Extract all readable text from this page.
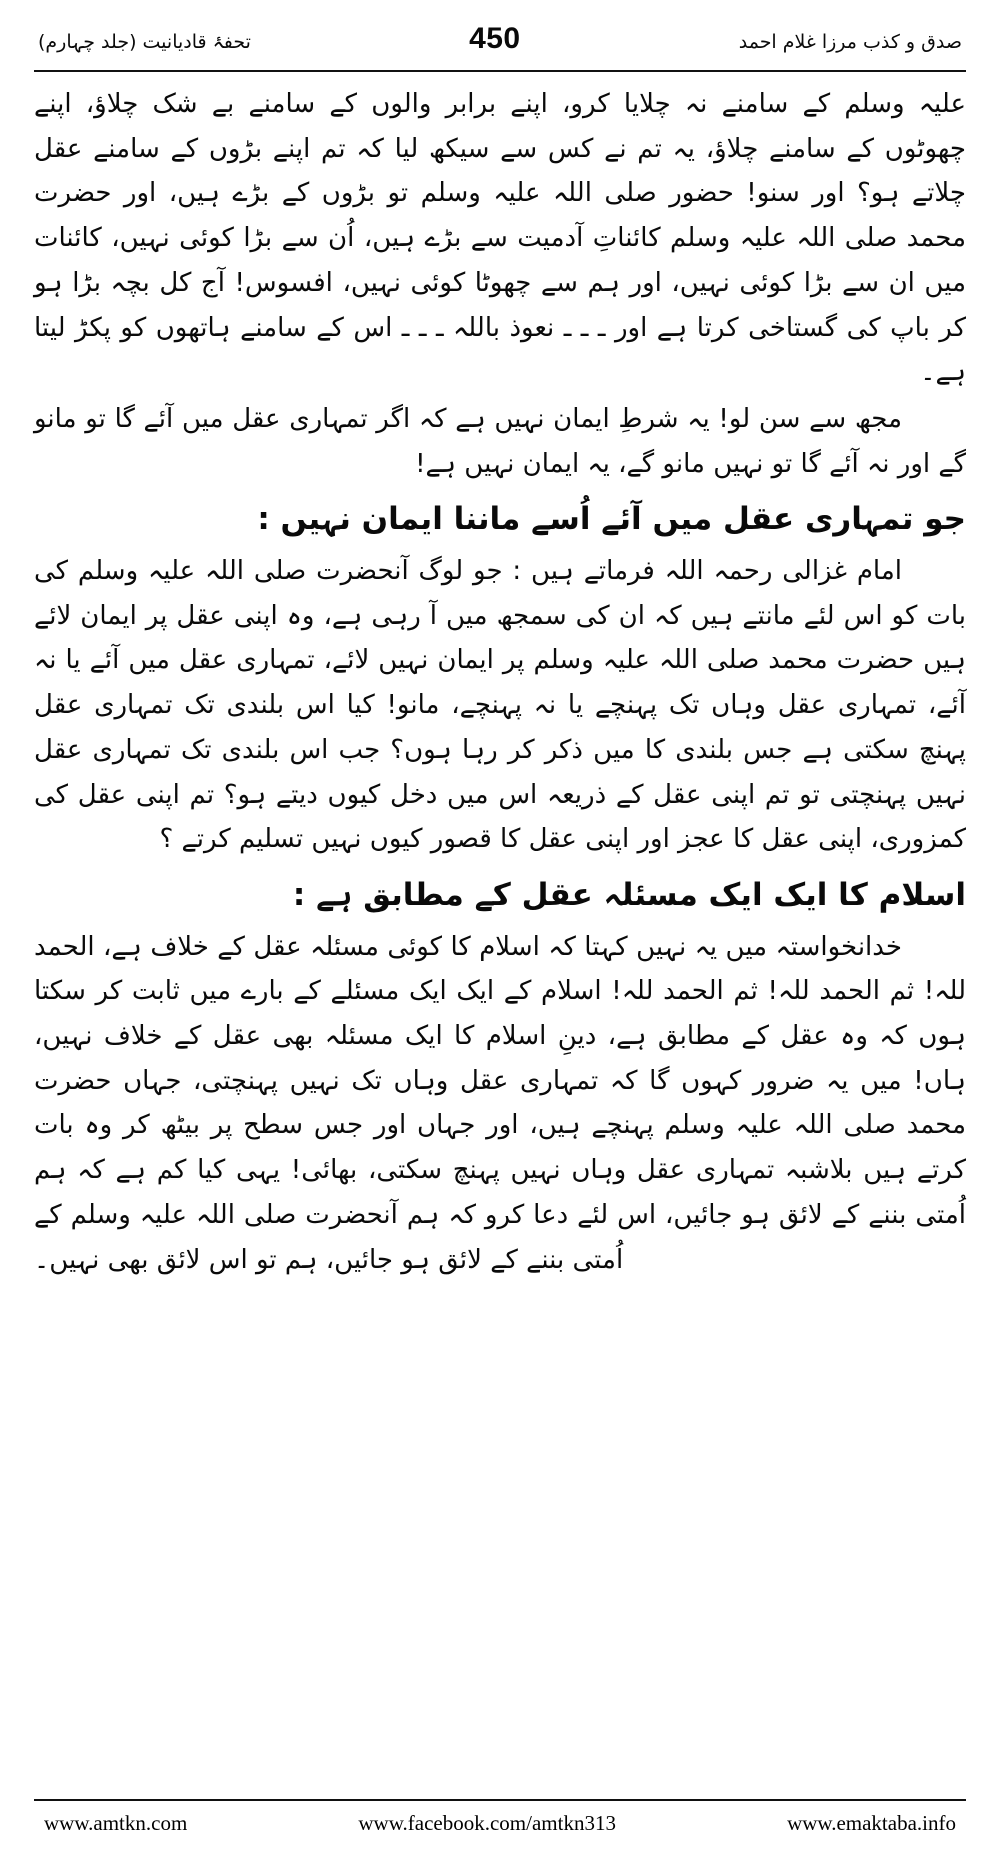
تحفۂ قادیانیت (جلد چہارم)	450	صدق و کذب مرزا غلام احمد

علیہ وسلم کے سامنے نہ چلایا کرو، اپنے برابر والوں کے سامنے بے شک چلاؤ، اپنے چھوٹوں کے سامنے چلاؤ، یہ تم نے کس سے سیکھ لیا کہ تم اپنے بڑوں کے سامنے عقل چلاتے ہو؟ اور سنو! حضور صلی اللہ علیہ وسلم تو بڑوں کے بڑے ہیں، اور حضرت محمد صلی اللہ علیہ وسلم کائناتِ آدمیت سے بڑے ہیں، اُن سے بڑا کوئی نہیں، کائنات میں ان سے بڑا کوئی نہیں، اور ہم سے چھوٹا کوئی نہیں، افسوس! آج کل بچہ بڑا ہو کر باپ کی گستاخی کرتا ہے اور ـ ـ ـ نعوذ باللہ ـ ـ ـ اس کے سامنے ہاتھوں کو پکڑ لیتا ہے۔

مجھ سے سن لو! یہ شرطِ ایمان نہیں ہے کہ اگر تمہاری عقل میں آئے گا تو مانو گے اور نہ آئے گا تو نہیں مانو گے، یہ ایمان نہیں ہے!

جو تمہاری عقل میں آئے اُسے ماننا ایمان نہیں :

امام غزالی رحمہ اللہ فرماتے ہیں : جو لوگ آنحضرت صلی اللہ علیہ وسلم کی بات کو اس لئے مانتے ہیں کہ ان کی سمجھ میں آ رہی ہے، وہ اپنی عقل پر ایمان لائے ہیں حضرت محمد صلی اللہ علیہ وسلم پر ایمان نہیں لائے، تمہاری عقل میں آئے یا نہ آئے، تمہاری عقل وہاں تک پہنچے یا نہ پہنچے، مانو! کیا اس بلندی تک تمہاری عقل پہنچ سکتی ہے جس بلندی کا میں ذکر کر رہا ہوں؟ جب اس بلندی تک تمہاری عقل نہیں پہنچتی تو تم اپنی عقل کے ذریعہ اس میں دخل کیوں دیتے ہو؟ تم اپنی عقل کی کمزوری، اپنی عقل کا عجز اور اپنی عقل کا قصور کیوں نہیں تسلیم کرتے ؟

اسلام کا ایک ایک مسئلہ عقل کے مطابق ہے :

خدانخواستہ میں یہ نہیں کہتا کہ اسلام کا کوئی مسئلہ عقل کے خلاف ہے، الحمد للہ! ثم الحمد للہ! ثم الحمد للہ! اسلام کے ایک ایک مسئلے کے بارے میں ثابت کر سکتا ہوں کہ وہ عقل کے مطابق ہے، دینِ اسلام کا ایک مسئلہ بھی عقل کے خلاف نہیں، ہاں! میں یہ ضرور کہوں گا کہ تمہاری عقل وہاں تک نہیں پہنچتی، جہاں حضرت محمد صلی اللہ علیہ وسلم پہنچے ہیں، اور جہاں اور جس سطح پر بیٹھ کر وہ بات کرتے ہیں بلاشبہ تمہاری عقل وہاں نہیں پہنچ سکتی، بھائی! یہی کیا کم ہے کہ ہم اُمتی بننے کے لائق ہو جائیں، اس لئے دعا کرو کہ ہم آنحضرت صلی اللہ علیہ وسلم کے اُمتی بننے کے لائق ہو جائیں، ہم تو اس لائق بھی نہیں۔

www.amtkn.com	www.facebook.com/amtkn313	www.emaktaba.info
